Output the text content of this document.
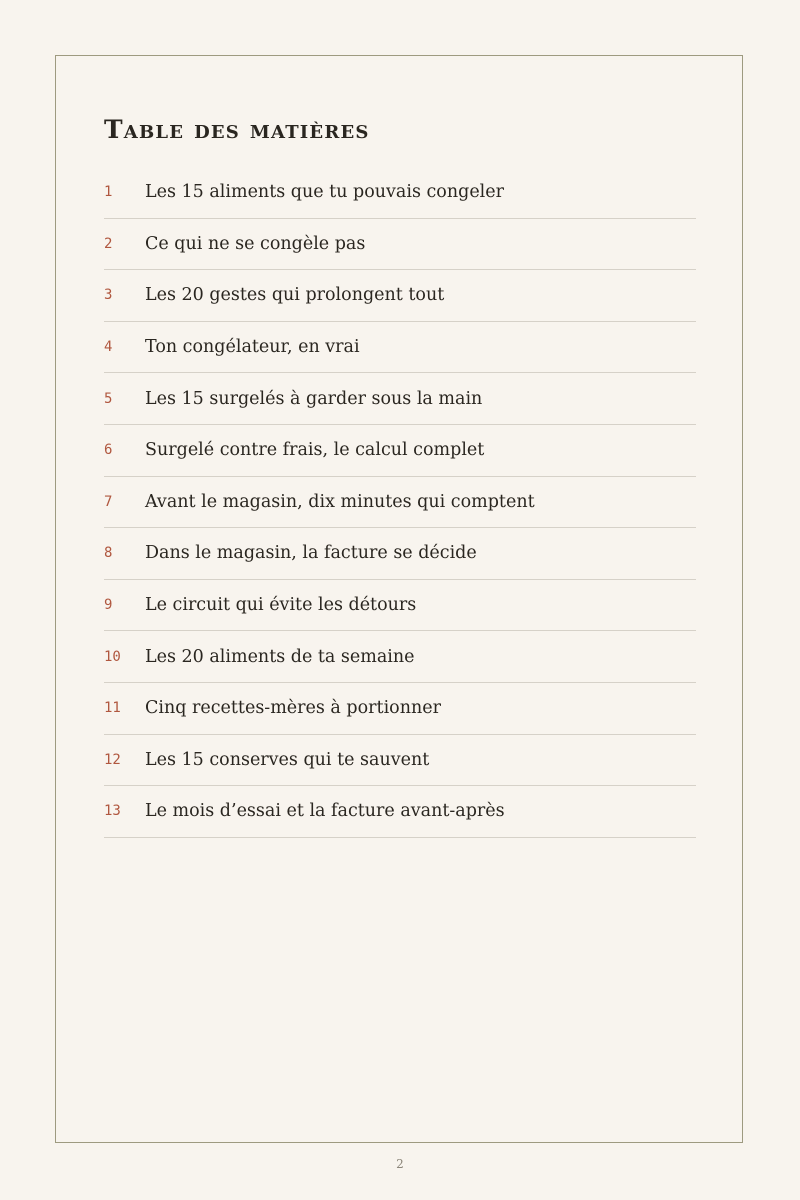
Table des matières
1	Les 15 aliments que tu pouvais congeler
2	Ce qui ne se congèle pas
3	Les 20 gestes qui prolongent tout
4	Ton congélateur, en vrai
5	Les 15 surgelés à garder sous la main
6	Surgelé contre frais, le calcul complet
7	Avant le magasin, dix minutes qui comptent
8	Dans le magasin, la facture se décide
9	Le circuit qui évite les détours
10	Les 20 aliments de ta semaine
11	Cinq recettes-mères à portionner
12	Les 15 conserves qui te sauvent
13	Le mois d’essai et la facture avant-après
2
